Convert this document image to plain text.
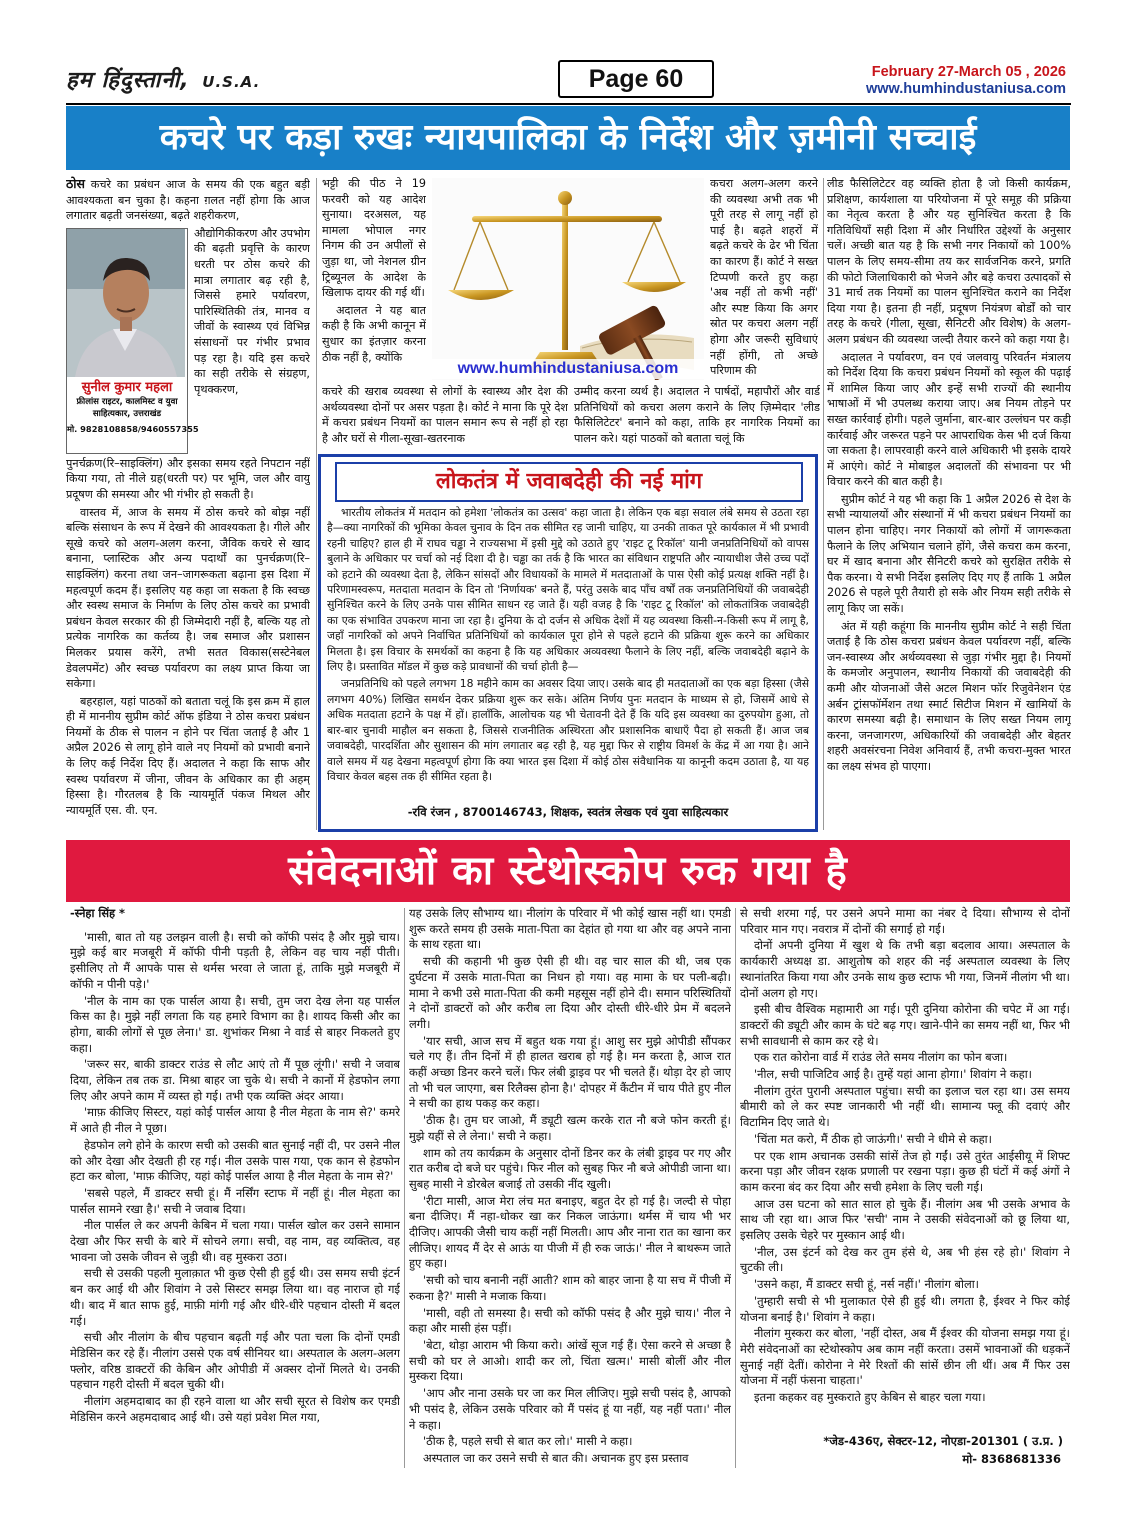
हम हिंदुस्तानी, U.S.A.	Page 60	February 27-March 05 , 2026
www.humhindustaniusa.com
कचरे पर कड़ा रुखः न्यायपालिका के निर्देश और ज़मीनी सच्चाई

ठोस कचरे का प्रबंधन आज के समय की एक बहुत बड़ी आवश्यकता बन चुका है। कहना ग़लत नहीं होगा कि आज लगातार बढ़ती जनसंख्या, बढ़ते शहरीकरण,

सुनील कुमार महला
फ्रीलांस राइटर, कालमिस्ट व युवा साहित्यकार, उत्तराखंड
मो. 9828108858/9460557355

औद्योगिकीकरण और उपभोग की बढ़ती प्रवृत्ति के कारण धरती पर ठोस कचरे की मात्रा लगातार बढ़ रही है, जिससे हमारे पर्यावरण, पारिस्थितिकी तंत्र, मानव व जीवों के स्वास्थ्य एवं विभिन्न संसाधनों पर गंभीर प्रभाव पड़ रहा है। यदि इस कचरे का सही तरीके से संग्रहण, पृथक्करण,

पुनर्चक्रण(रि–साइक्लिंग) और इसका समय रहते निपटान नहीं किया गया, तो नीले ग्रह(धरती पर) पर भूमि, जल और वायु प्रदूषण की समस्या और भी गंभीर हो सकती है।

वास्तव में, आज के समय में ठोस कचरे को बोझ नहीं बल्कि संसाधन के रूप में देखने की आवश्यकता है। गीले और सूखे कचरे को अलग-अलग करना, जैविक कचरे से खाद बनाना, प्लास्टिक और अन्य पदार्थों का पुनर्चक्रण(रि–साइक्लिंग) करना तथा जन–जागरूकता बढ़ाना इस दिशा में महत्वपूर्ण कदम हैं। इसलिए यह कहा जा सकता है कि स्वच्छ और स्वस्थ समाज के निर्माण के लिए ठोस कचरे का प्रभावी प्रबंधन केवल सरकार की ही जिम्मेदारी नहीं है, बल्कि यह तो प्रत्येक नागरिक का कर्तव्य है। जब समाज और प्रशासन मिलकर प्रयास करेंगे, तभी सतत विकास(सस्टेनेबल डेवलपमेंट) और स्वच्छ पर्यावरण का लक्ष्य प्राप्त किया जा सकेगा।

बहरहाल, यहां पाठकों को बताता चलूं कि इस क्रम में हाल ही में माननीय सुप्रीम कोर्ट ऑफ इंडिया ने ठोस कचरा प्रबंधन नियमों के ठीक से पालन न होने पर चिंता जताई है और 1 अप्रैल 2026 से लागू होने वाले नए नियमों को प्रभावी बनाने के लिए कई निर्देश दिए हैं। अदालत ने कहा कि साफ और स्वस्थ पर्यावरण में जीना, जीवन के अधिकार का ही अहम् हिस्सा है। गौरतलब है कि न्यायमूर्ति पंकज मिथल और न्यायमूर्ति एस. वी. एन.

भट्टी की पीठ ने 19 फरवरी को यह आदेश सुनाया। दरअसल, यह मामला भोपाल नगर निगम की उन अपीलों से जुड़ा था, जो नेशनल ग्रीन ट्रिब्यूनल के आदेश के खिलाफ दायर की गई थीं।

अदालत ने यह बात कही है कि अभी कानून में सुधार का इंतज़ार करना ठीक नहीं है, क्योंकि

www.humhindustaniusa.com

कचरा अलग-अलग करने की व्यवस्था अभी तक भी पूरी तरह से लागू नहीं हो पाई है। बढ़ते शहरों में बढ़ते कचरे के ढेर भी चिंता का कारण हैं। कोर्ट ने सख्त टिप्पणी करते हुए कहा 'अब नहीं तो कभी नहीं' और स्पष्ट किया कि अगर स्रोत पर कचरा अलग नहीं होगा और जरूरी सुविधाएं नहीं होंगी, तो अच्छे परिणाम की

कचरे की खराब व्यवस्था से लोगों के स्वास्थ्य और देश की अर्थव्यवस्था दोनों पर असर पड़ता है। कोर्ट ने माना कि पूरे देश में कचरा प्रबंधन नियमों का पालन समान रूप से नहीं हो रहा है और घरों से गीला-सूखा-खतरनाक

उम्मीद करना व्यर्थ है। अदालत ने पार्षदों, महापौरों और वार्ड प्रतिनिधियों को कचरा अलग कराने के लिए ज़िम्मेदार 'लीड फैसिलिटेटर' बनाने को कहा, ताकि हर नागरिक नियमों का पालन करे। यहां पाठकों को बताता चलूं कि

लीड फैसिलिटेटर वह व्यक्ति होता है जो किसी कार्यक्रम, प्रशिक्षण, कार्यशाला या परियोजना में पूरे समूह की प्रक्रिया का नेतृत्व करता है और यह सुनिश्चित करता है कि गतिविधियाँ सही दिशा में और निर्धारित उद्देश्यों के अनुसार चलें। अच्छी बात यह है कि सभी नगर निकायों को 100% पालन के लिए समय-सीमा तय कर सार्वजनिक करने, प्रगति की फोटो जिलाधिकारी को भेजने और बड़े कचरा उत्पादकों से 31 मार्च तक नियमों का पालन सुनिश्चित कराने का निर्देश दिया गया है। इतना ही नहीं, प्रदूषण नियंत्रण बोर्डों को चार तरह के कचरे (गीला, सूखा, सैनिटरी और विशेष) के अलग-अलग प्रबंधन की व्यवस्था जल्दी तैयार करने को कहा गया है।

अदालत ने पर्यावरण, वन एवं जलवायु परिवर्तन मंत्रालय को निर्देश दिया कि कचरा प्रबंधन नियमों को स्कूल की पढ़ाई में शामिल किया जाए और इन्हें सभी राज्यों की स्थानीय भाषाओं में भी उपलब्ध कराया जाए। अब नियम तोड़ने पर सख्त कार्रवाई होगी। पहले जुर्माना, बार-बार उल्लंघन पर कड़ी कार्रवाई और जरूरत पड़ने पर आपराधिक केस भी दर्ज किया जा सकता है। लापरवाही करने वाले अधिकारी भी इसके दायरे में आएंगे। कोर्ट ने मोबाइल अदालतों की संभावना पर भी विचार करने की बात कही है।

सुप्रीम कोर्ट ने यह भी कहा कि 1 अप्रैल 2026 से देश के सभी न्यायालयों और संस्थानों में भी कचरा प्रबंधन नियमों का पालन होना चाहिए। नगर निकायों को लोगों में जागरूकता फैलाने के लिए अभियान चलाने होंगे, जैसे कचरा कम करना, घर में खाद बनाना और सैनिटरी कचरे को सुरक्षित तरीके से पैक करना। ये सभी निर्देश इसलिए दिए गए हैं ताकि 1 अप्रैल 2026 से पहले पूरी तैयारी हो सके और नियम सही तरीके से लागू किए जा सकें।

अंत में यही कहूंगा कि माननीय सुप्रीम कोर्ट ने सही चिंता जताई है कि ठोस कचरा प्रबंधन केवल पर्यावरण नहीं, बल्कि जन-स्वास्थ्य और अर्थव्यवस्था से जुड़ा गंभीर मुद्दा है। नियमों के कमजोर अनुपालन, स्थानीय निकायों की जवाबदेही की कमी और योजनाओं जैसे अटल मिशन फॉर रिजुवेनेशन एंड अर्बन ट्रांसफॉर्मेशन तथा स्मार्ट सिटीज मिशन में खामियों के कारण समस्या बढ़ी है। समाधान के लिए सख्त नियम लागू करना, जनजागरण, अधिकारियों की जवाबदेही और बेहतर शहरी अवसंरचना निवेश अनिवार्य हैं, तभी कचरा-मुक्त भारत का लक्ष्य संभव हो पाएगा।

लोकतंत्र में जवाबदेही की नई मांग

भारतीय लोकतंत्र में मतदान को हमेशा 'लोकतंत्र का उत्सव' कहा जाता है। लेकिन एक बड़ा सवाल लंबे समय से उठता रहा है—क्या नागरिकों की भूमिका केवल चुनाव के दिन तक सीमित रह जानी चाहिए, या उनकी ताकत पूरे कार्यकाल में भी प्रभावी रहनी चाहिए? हाल ही में राघव चड्ढा ने राज्यसभा में इसी मुद्दे को उठाते हुए 'राइट टू रिकॉल' यानी जनप्रतिनिधियों को वापस बुलाने के अधिकार पर चर्चा को नई दिशा दी है। चड्ढा का तर्क है कि भारत का संविधान राष्ट्रपति और न्यायाधीश जैसे उच्च पदों को हटाने की व्यवस्था देता है, लेकिन सांसदों और विधायकों के मामले में मतदाताओं के पास ऐसी कोई प्रत्यक्ष शक्ति नहीं है। परिणामस्वरूप, मतदाता मतदान के दिन तो 'निर्णायक' बनते हैं, परंतु उसके बाद पाँच वर्षों तक जनप्रतिनिधियों की जवाबदेही सुनिश्चित करने के लिए उनके पास सीमित साधन रह जाते हैं। यही वजह है कि 'राइट टू रिकॉल' को लोकतांत्रिक जवाबदेही का एक संभावित उपकरण माना जा रहा है। दुनिया के दो दर्जन से अधिक देशों में यह व्यवस्था किसी-न-किसी रूप में लागू है, जहाँ नागरिकों को अपने निर्वाचित प्रतिनिधियों को कार्यकाल पूरा होने से पहले हटाने की प्रक्रिया शुरू करने का अधिकार मिलता है। इस विचार के समर्थकों का कहना है कि यह अधिकार अव्यवस्था फैलाने के लिए नहीं, बल्कि जवाबदेही बढ़ाने के लिए है। प्रस्तावित मॉडल में कुछ कड़े प्रावधानों की चर्चा होती है—

जनप्रतिनिधि को पहले लगभग 18 महीने काम का अवसर दिया जाए। उसके बाद ही मतदाताओं का एक बड़ा हिस्सा (जैसे लगभग 40%) लिखित समर्थन देकर प्रक्रिया शुरू कर सके। अंतिम निर्णय पुनः मतदान के माध्यम से हो, जिसमें आधे से अधिक मतदाता हटाने के पक्ष में हों। हालाँकि, आलोचक यह भी चेतावनी देते हैं कि यदि इस व्यवस्था का दुरुपयोग हुआ, तो बार-बार चुनावी माहौल बन सकता है, जिससे राजनीतिक अस्थिरता और प्रशासनिक बाधाएँ पैदा हो सकती हैं। आज जब जवाबदेही, पारदर्शिता और सुशासन की मांग लगातार बढ़ रही है, यह मुद्दा फिर से राष्ट्रीय विमर्श के केंद्र में आ गया है। आने वाले समय में यह देखना महत्वपूर्ण होगा कि क्या भारत इस दिशा में कोई ठोस संवैधानिक या कानूनी कदम उठाता है, या यह विचार केवल बहस तक ही सीमित रहता है।

-रवि रंजन , 8700146743, शिक्षक, स्वतंत्र लेखक एवं युवा साहित्यकार
संवेदनाओं का स्टेथोस्कोप रुक गया है

-स्नेहा सिंह *

'मासी, बात तो यह उलझन वाली है। सची को कॉफी पसंद है और मुझे चाय। मुझे कई बार मजबूरी में कॉफी पीनी पड़ती है, लेकिन वह चाय नहीं पीती। इसीलिए तो मैं आपके पास से थर्मस भरवा ले जाता हूं, ताकि मुझे मजबूरी में कॉफी न पीनी पड़े।'

'नील के नाम का एक पार्सल आया है। सची, तुम जरा देख लेना यह पार्सल किस का है। मुझे नहीं लगता कि यह हमारे विभाग का है। शायद किसी और का होगा, बाकी लोगों से पूछ लेना।' डा. शुभांकर मिश्रा ने वार्ड से बाहर निकलते हुए कहा।

'जरूर सर, बाकी डाक्टर राउंड से लौट आएं तो मैं पूछ लूंगी।' सची ने जवाब दिया, लेकिन तब तक डा. मिश्रा बाहर जा चुके थे। सची ने कानों में हेडफोन लगा लिए और अपने काम में व्यस्त हो गई। तभी एक व्यक्ति अंदर आया।

'माफ़ कीजिए सिस्टर, यहां कोई पार्सल आया है नील मेहता के नाम से?' कमरे में आते ही नील ने पूछा।

हेडफोन लगे होने के कारण सची को उसकी बात सुनाई नहीं दी, पर उसने नील को और देखा और देखती ही रह गई। नील उसके पास गया, एक कान से हेडफोन हटा कर बोला, 'माफ़ कीजिए, यहां कोई पार्सल आया है नील मेहता के नाम से?'

'सबसे पहले, मैं डाक्टर सची हूं। मैं नर्सिंग स्टाफ में नहीं हूं। नील मेहता का पार्सल सामने रखा है।' सची ने जवाब दिया।

नील पार्सल ले कर अपनी केबिन में चला गया। पार्सल खोल कर उसने सामान देखा और फिर सची के बारे में सोचने लगा। सची, वह नाम, वह व्यक्तित्व, वह भावना जो उसके जीवन से जुड़ी थी। वह मुस्करा उठा।

सची से उसकी पहली मुलाक़ात भी कुछ ऐसी ही हुई थी। उस समय सची इंटर्न बन कर आई थी और शिवांग ने उसे सिस्टर समझ लिया था। वह नाराज हो गई थी। बाद में बात साफ हुई, माफ़ी मांगी गई और धीरे-धीरे पहचान दोस्ती में बदल गई।

सची और नीलांग के बीच पहचान बढ़ती गई और पता चला कि दोनों एमडी मेडिसिन कर रहे हैं। नीलांग उससे एक वर्ष सीनियर था। अस्पताल के अलग-अलग फ्लोर, वरिष्ठ डाक्टरों की केबिन और ओपीडी में अक्सर दोनों मिलते थे। उनकी पहचान गहरी दोस्ती में बदल चुकी थी।

नीलांग अहमदाबाद का ही रहने वाला था और सची सूरत से विशेष कर एमडी मेडिसिन करने अहमदाबाद आई थी। उसे यहां प्रवेश मिल गया,

यह उसके लिए सौभाग्य था। नीलांग के परिवार में भी कोई खास नहीं था। एमडी शुरू करते समय ही उसके माता-पिता का देहांत हो गया था और वह अपने नाना के साथ रहता था।

सची की कहानी भी कुछ ऐसी ही थी। वह चार साल की थी, जब एक दुर्घटना में उसके माता-पिता का निधन हो गया। वह मामा के घर पली-बढ़ी। मामा ने कभी उसे माता-पिता की कमी महसूस नहीं होने दी। समान परिस्थितियों ने दोनों डाक्टरों को और करीब ला दिया और दोस्ती धीरे-धीरे प्रेम में बदलने लगी।

'यार सची, आज सच में बहुत थक गया हूं। आशु सर मुझे ओपीडी सौंपकर चले गए हैं। तीन दिनों में ही हालत खराब हो गई है। मन करता है, आज रात कहीं अच्छा डिनर करने चलें। फिर लंबी ड्राइव पर भी चलते हैं। थोड़ा देर हो जाए तो भी चल जाएगा, बस रिलैक्स होना है।' दोपहर में कैंटीन में चाय पीते हुए नील ने सची का हाथ पकड़ कर कहा।

'ठीक है। तुम घर जाओ, मैं ड्यूटी खत्म करके रात नौ बजे फोन करती हूं। मुझे यहीं से ले लेना।' सची ने कहा।

शाम को तय कार्यक्रम के अनुसार दोनों डिनर कर के लंबी ड्राइव पर गए और रात करीब दो बजे घर पहुंचे। फिर नील को सुबह फिर नौ बजे ओपीडी जाना था। सुबह मासी ने डोरबेल बजाई तो उसकी नींद खुली।

'रीटा मासी, आज मेरा लंच मत बनाइए, बहुत देर हो गई है। जल्दी से पोहा बना दीजिए। मैं नहा-धोकर खा कर निकल जाऊंगा। थर्मस में चाय भी भर दीजिए। आपकी जैसी चाय कहीं नहीं मिलती। आप और नाना रात का खाना कर लीजिए। शायद मैं देर से आऊं या पीजी में ही रुक जाऊं।' नील ने बाथरूम जाते हुए कहा।

'सची को चाय बनानी नहीं आती? शाम को बाहर जाना है या सच में पीजी में रुकना है?' मासी ने मजाक किया।

'मासी, वही तो समस्या है। सची को कॉफी पसंद है और मुझे चाय।' नील ने कहा और मासी हंस पड़ीं।

'बेटा, थोड़ा आराम भी किया करो। आंखें सूज गई हैं। ऐसा करने से अच्छा है सची को घर ले आओ। शादी कर लो, चिंता खत्म।' मासी बोलीं और नील मुस्करा दिया।

'आप और नाना उसके घर जा कर मिल लीजिए। मुझे सची पसंद है, आपको भी पसंद है, लेकिन उसके परिवार को मैं पसंद हूं या नहीं, यह नहीं पता।' नील ने कहा।

'ठीक है, पहले सची से बात कर लो।' मासी ने कहा।

अस्पताल जा कर उसने सची से बात की। अचानक हुए इस प्रस्ताव

से सची शरमा गई, पर उसने अपने मामा का नंबर दे दिया। सौभाग्य से दोनों परिवार मान गए। नवरात्र में दोनों की सगाई हो गई।

दोनों अपनी दुनिया में खुश थे कि तभी बड़ा बदलाव आया। अस्पताल के कार्यकारी अध्यक्ष डा. आशुतोष को शहर की नई अस्पताल व्यवस्था के लिए स्थानांतरित किया गया और उनके साथ कुछ स्टाफ भी गया, जिनमें नीलांग भी था। दोनों अलग हो गए।

इसी बीच वैश्विक महामारी आ गई। पूरी दुनिया कोरोना की चपेट में आ गई। डाक्टरों की ड्यूटी और काम के घंटे बढ़ गए। खाने-पीने का समय नहीं था, फिर भी सभी सावधानी से काम कर रहे थे।

एक रात कोरोना वार्ड में राउंड लेते समय नीलांग का फोन बजा।

'नील, सची पाजिटिव आई है। तुम्हें यहां आना होगा।' शिवांग ने कहा।

नीलांग तुरंत पुरानी अस्पताल पहुंचा। सची का इलाज चल रहा था। उस समय बीमारी को ले कर स्पष्ट जानकारी भी नहीं थी। सामान्य फ्लू की दवाएं और विटामिन दिए जाते थे।

'चिंता मत करो, मैं ठीक हो जाऊंगी।' सची ने धीमे से कहा।

पर एक शाम अचानक उसकी सांसें तेज हो गईं। उसे तुरंत आईसीयू में शिफ्ट करना पड़ा और जीवन रक्षक प्रणाली पर रखना पड़ा। कुछ ही घंटों में कई अंगों ने काम करना बंद कर दिया और सची हमेशा के लिए चली गई।

आज उस घटना को सात साल हो चुके हैं। नीलांग अब भी उसके अभाव के साथ जी रहा था। आज फिर 'सची' नाम ने उसकी संवेदनाओं को छू लिया था, इसलिए उसके चेहरे पर मुस्कान आई थी।

'नील, उस इंटर्न को देख कर तुम हंसे थे, अब भी हंस रहे हो।' शिवांग ने चुटकी ली।

'उसने कहा, मैं डाक्टर सची हूं, नर्स नहीं।' नीलांग बोला।

'तुम्हारी सची से भी मुलाकात ऐसे ही हुई थी। लगता है, ईश्वर ने फिर कोई योजना बनाई है।' शिवांग ने कहा।

नीलांग मुस्करा कर बोला, 'नहीं दोस्त, अब मैं ईश्वर की योजना समझ गया हूं। मेरी संवेदनाओं का स्टेथोस्कोप अब काम नहीं करता। उसमें भावनाओं की धड़कनें सुनाई नहीं देतीं। कोरोना ने मेरे रिश्तों की सांसें छीन ली थीं। अब मैं फिर उस योजना में नहीं फंसना चाहता।'

इतना कहकर वह मुस्कराते हुए केबिन से बाहर चला गया।

*जेड-436ए, सेक्टर-12, नोएडा-201301 ( उ.प्र. )
मो- 8368681336
